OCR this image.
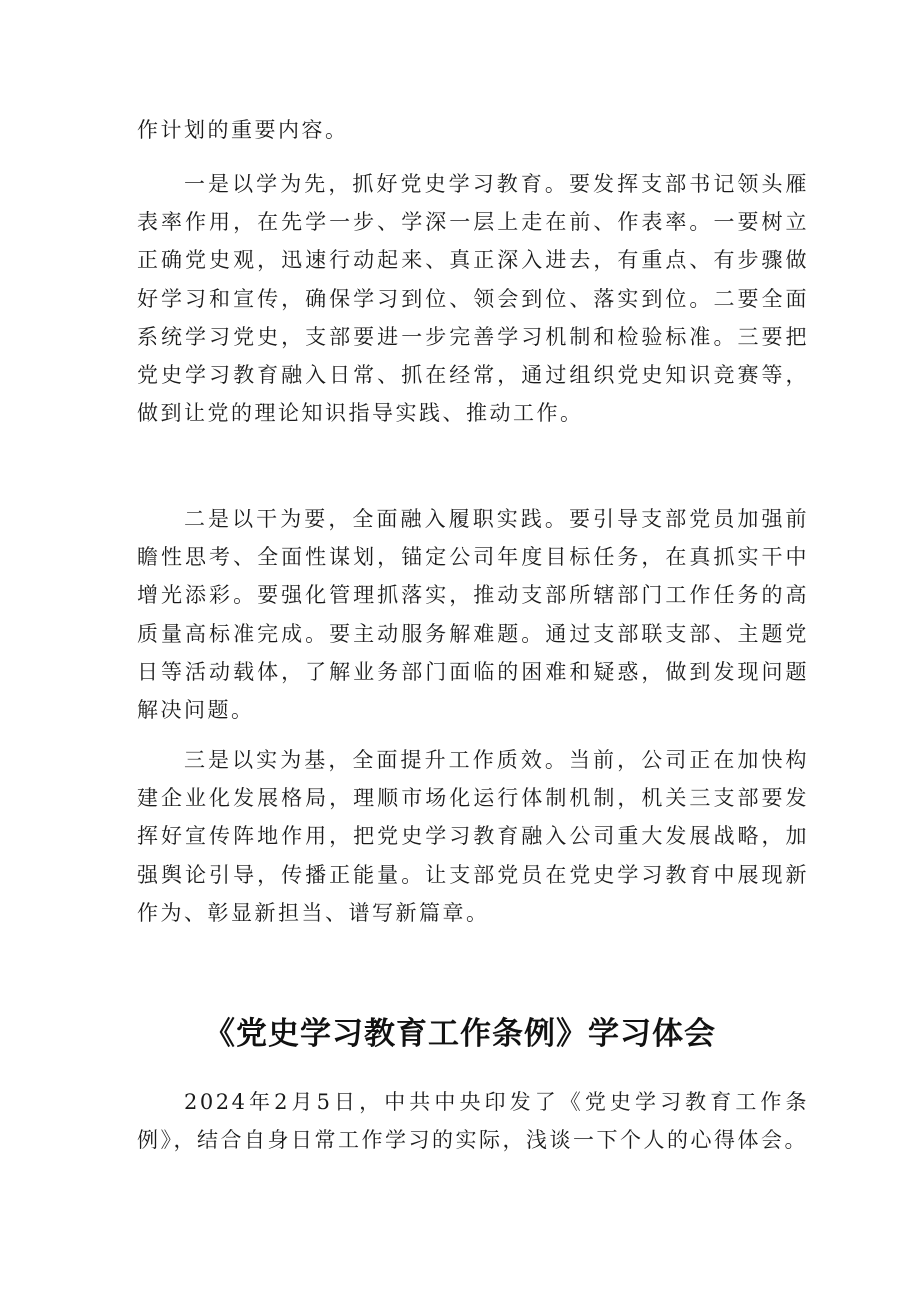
作计划的重要内容。

一是以学为先，抓好党史学习教育。要发挥支部书记领头雁表率作用，在先学一步、学深一层上走在前、作表率。一要树立正确党史观，迅速行动起来、真正深入进去，有重点、有步骤做好学习和宣传，确保学习到位、领会到位、落实到位。二要全面系统学习党史，支部要进一步完善学习机制和检验标准。三要把党史学习教育融入日常、抓在经常，通过组织党史知识竞赛等，做到让党的理论知识指导实践、推动工作。

二是以干为要，全面融入履职实践。要引导支部党员加强前瞻性思考、全面性谋划，锚定公司年度目标任务，在真抓实干中增光添彩。要强化管理抓落实，推动支部所辖部门工作任务的高质量高标准完成。要主动服务解难题。通过支部联支部、主题党日等活动载体，了解业务部门面临的困难和疑惑，做到发现问题解决问题。

三是以实为基，全面提升工作质效。当前，公司正在加快构建企业化发展格局，理顺市场化运行体制机制，机关三支部要发挥好宣传阵地作用，把党史学习教育融入公司重大发展战略，加强舆论引导，传播正能量。让支部党员在党史学习教育中展现新作为、彰显新担当、谱写新篇章。

《党史学习教育工作条例》学习体会

2024年2月5日，中共中央印发了《党史学习教育工作条例》，结合自身日常工作学习的实际，浅谈一下个人的心得体会。
